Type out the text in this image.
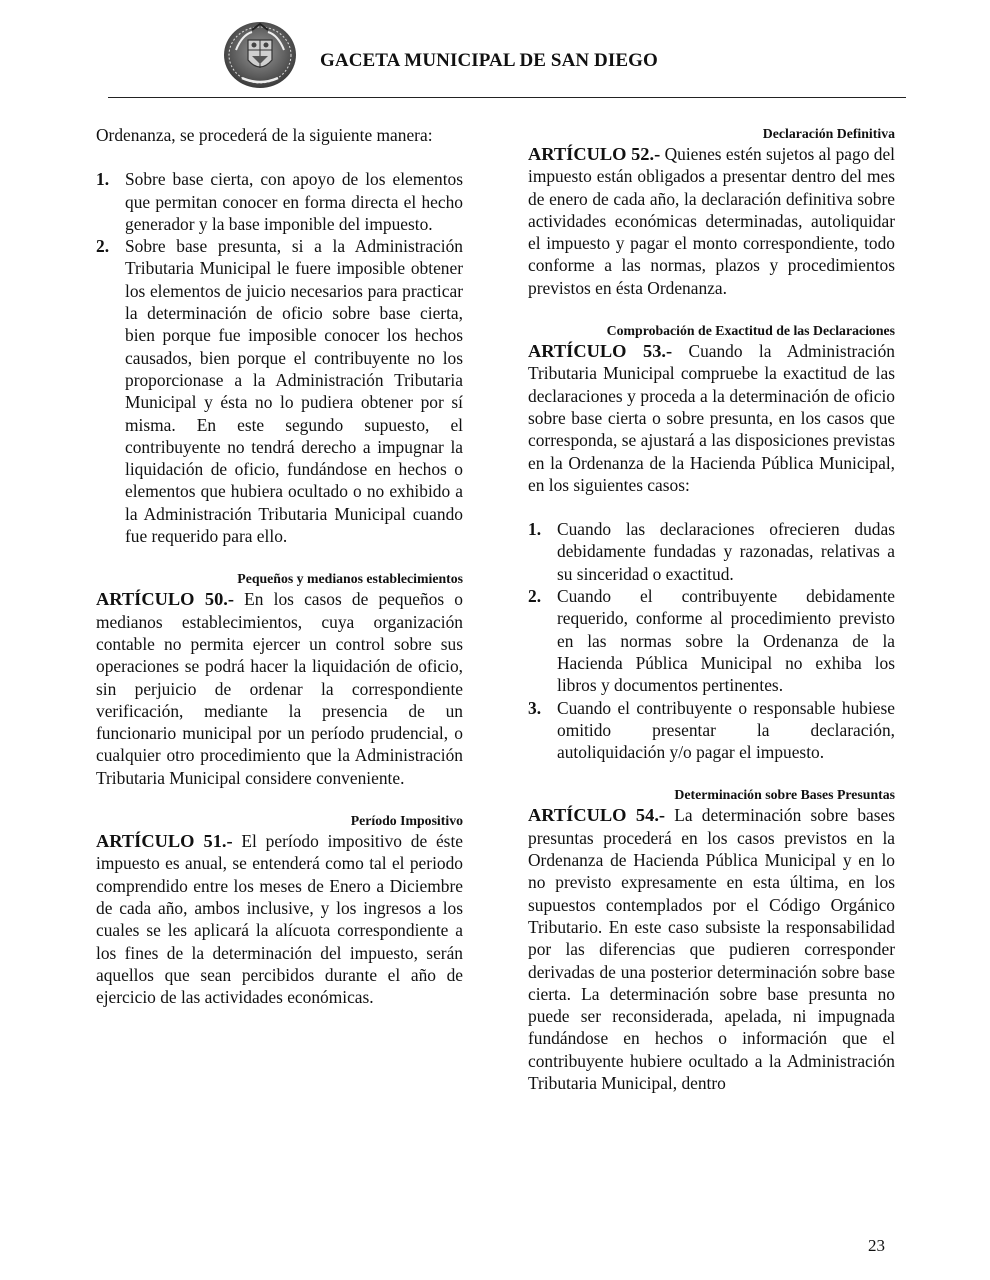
GACETA MUNICIPAL DE SAN DIEGO

Ordenanza, se procederá de la siguiente manera:

1. Sobre base cierta, con apoyo de los elementos que permitan conocer en forma directa el hecho generador y la base imponible del impuesto.
2. Sobre base presunta, si a la Administración Tributaria Municipal le fuere imposible obtener los elementos de juicio necesarios para practicar la determinación de oficio sobre base cierta, bien porque fue imposible conocer los hechos causados, bien porque el contribuyente no los proporcionase a la Administración Tributaria Municipal y ésta no lo pudiera obtener por sí misma. En este segundo supuesto, el contribuyente no tendrá derecho a impugnar la liquidación de oficio, fundándose en hechos o elementos que hubiera ocultado o no exhibido a la Administración Tributaria Municipal cuando fue requerido para ello.
Pequeños y medianos establecimientos

ARTÍCULO 50.- En los casos de pequeños o medianos establecimientos, cuya organización contable no permita ejercer un control sobre sus operaciones se podrá hacer la liquidación de oficio, sin perjuicio de ordenar la correspondiente verificación, mediante la presencia de un funcionario municipal por un período prudencial, o cualquier otro procedimiento que la Administración Tributaria Municipal considere conveniente.

Período Impositivo

ARTÍCULO 51.- El período impositivo de éste impuesto es anual, se entenderá como tal el periodo comprendido entre los meses de Enero a Diciembre de cada año, ambos inclusive, y los ingresos a los cuales se les aplicará la alícuota correspondiente a los fines de la determinación del impuesto, serán aquellos que sean percibidos durante el año de ejercicio de las actividades económicas.

Declaración Definitiva

ARTÍCULO 52.- Quienes estén sujetos al pago del impuesto están obligados a presentar dentro del mes de enero de cada año, la declaración definitiva sobre actividades económicas determinadas, autoliquidar el impuesto y pagar el monto correspondiente, todo conforme a las normas, plazos y procedimientos previstos en ésta Ordenanza.

Comprobación de Exactitud de las Declaraciones

ARTÍCULO 53.- Cuando la Administración Tributaria Municipal compruebe la exactitud de las declaraciones y proceda a la determinación de oficio sobre base cierta o sobre presunta, en los casos que corresponda, se ajustará a las disposiciones previstas en la Ordenanza de la Hacienda Pública Municipal, en los siguientes casos:

1. Cuando las declaraciones ofrecieren dudas debidamente fundadas y razonadas, relativas a su sinceridad o exactitud.
2. Cuando el contribuyente debidamente requerido, conforme al procedimiento previsto en las normas sobre la Ordenanza de la Hacienda Pública Municipal no exhiba los libros y documentos pertinentes.
3. Cuando el contribuyente o responsable hubiese omitido presentar la declaración, autoliquidación y/o pagar el impuesto.
Determinación sobre Bases Presuntas

ARTÍCULO 54.- La determinación sobre bases presuntas procederá en los casos previstos en la Ordenanza de Hacienda Pública Municipal y en lo no previsto expresamente en esta última, en los supuestos contemplados por el Código Orgánico Tributario. En este caso subsiste la responsabilidad por las diferencias que pudieren corresponder derivadas de una posterior determinación sobre base cierta. La determinación sobre base presunta no puede ser reconsiderada, apelada, ni impugnada fundándose en hechos o información que el contribuyente hubiere ocultado a la Administración Tributaria Municipal, dentro

23
